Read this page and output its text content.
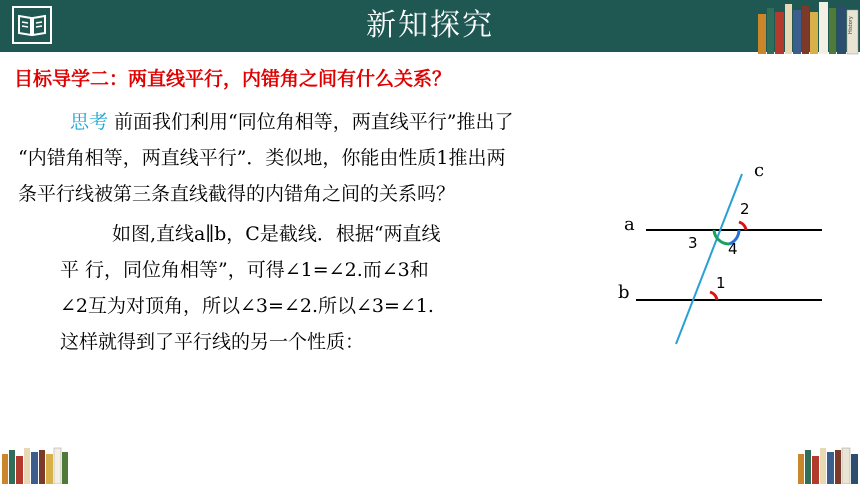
新知探究	History
目标导学二：两直线平行，内错角之间有什么关系？
思考 前面我们利用“同位角相等，两直线平行”推出了
“内错角相等，两直线平行”．类似地，你能由性质1推出两
条平行线被第三条直线截得的内错角之间的关系吗？
如图,直线a∥b，C是截线．根据“两直线
平 行，同位角相等”，可得∠1=∠2.而∠3和
∠2互为对顶角，所以∠3=∠2.所以∠3=∠1.
这样就得到了平行线的另一个性质：
c
a
b
2
3 4
1
